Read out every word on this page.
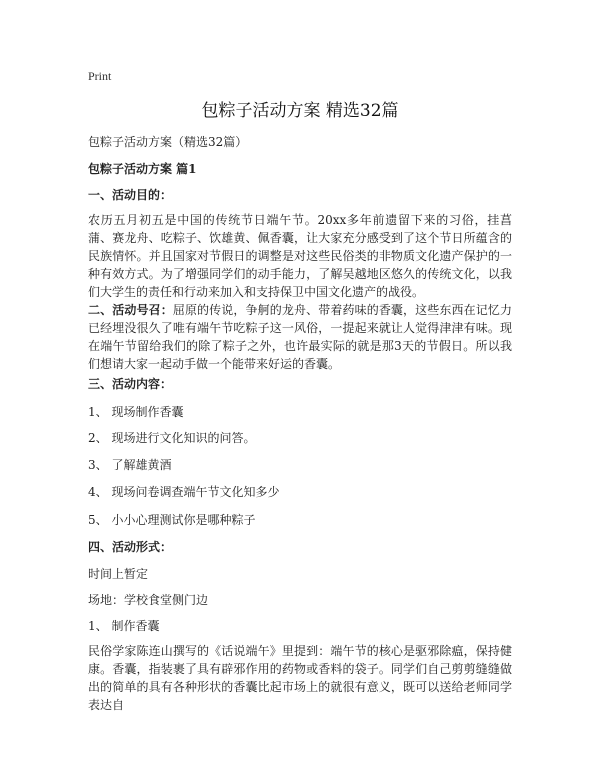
Print
包粽子活动方案 精选32篇
包粽子活动方案（精选32篇）
包粽子活动方案 篇1
一、活动目的：
农历五月初五是中国的传统节日端午节。20xx多年前遗留下来的习俗，挂菖蒲、赛龙舟、吃粽子、饮雄黄、佩香囊，让大家充分感受到了这个节日所蕴含的民族情怀。并且国家对节假日的调整是对这些民俗类的非物质文化遗产保护的一种有效方式。为了增强同学们的动手能力，了解吴越地区悠久的传统文化，以我们大学生的责任和行动来加入和支持保卫中国文化遗产的战役。
二、活动号召：屈原的传说，争舸的龙舟、带着药味的香囊，这些东西在记忆力已经埋没很久了唯有端午节吃粽子这一风俗，一提起来就让人觉得津津有味。现在端午节留给我们的除了粽子之外，也许最实际的就是那3天的节假日。所以我们想请大家一起动手做一个能带来好运的香囊。
三、活动内容：
1、 现场制作香囊
2、 现场进行文化知识的问答。
3、 了解雄黄酒
4、 现场问卷调查端午节文化知多少
5、 小小心理测试你是哪种粽子
四、活动形式：
时间上暂定
场地：学校食堂侧门边
1、 制作香囊
民俗学家陈连山撰写的《话说端午》里提到：端午节的核心是驱邪除瘟，保持健康。香囊，指装裹了具有辟邪作用的药物或香料的袋子。同学们自己剪剪缝缝做出的简单的具有各种形状的香囊比起市场上的就很有意义，既可以送给老师同学表达自
